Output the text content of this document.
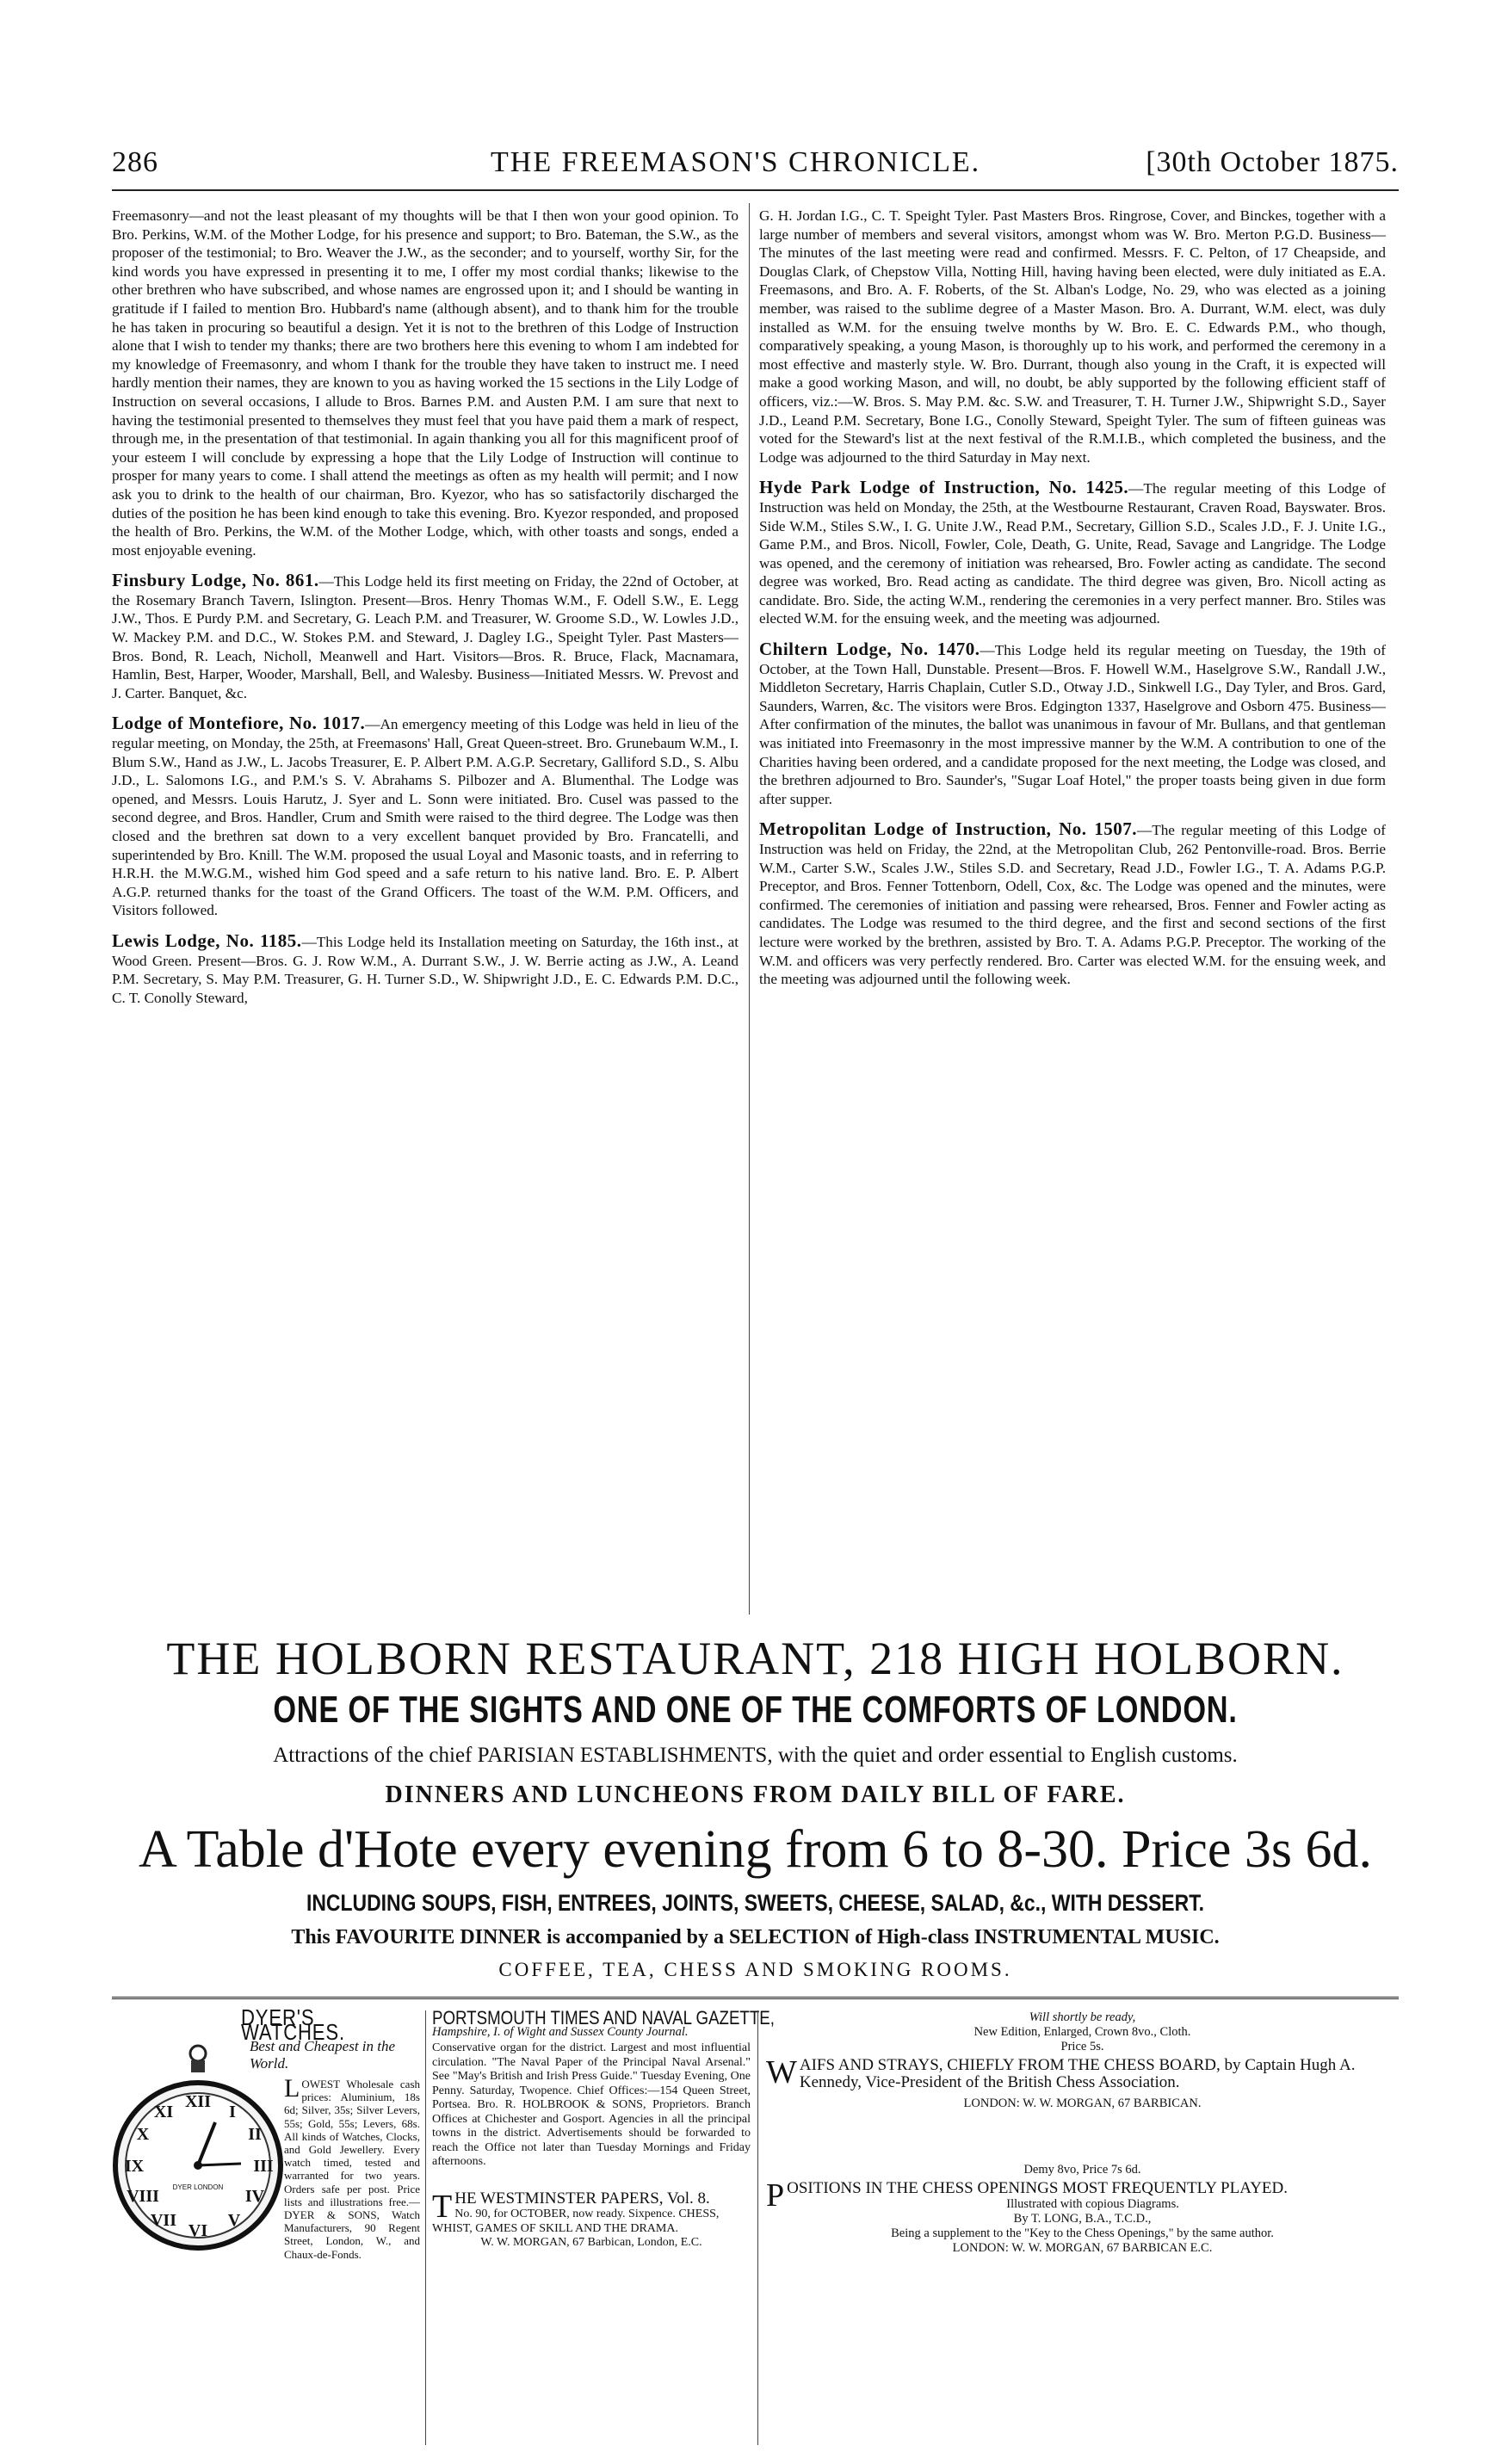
286	THE FREEMASON'S CHRONICLE.	[30th October 1875.

Freemasonry—and not the least pleasant of my thoughts will be that I then won your good opinion. To Bro. Perkins, W.M. of the Mother Lodge, for his presence and support; to Bro. Bateman, the S.W., as the proposer of the testimonial; to Bro. Weaver the J.W., as the seconder; and to yourself, worthy Sir, for the kind words you have expressed in presenting it to me, I offer my most cordial thanks; likewise to the other brethren who have subscribed, and whose names are engrossed upon it; and I should be wanting in gratitude if I failed to mention Bro. Hubbard's name (although absent), and to thank him for the trouble he has taken in procuring so beautiful a design. Yet it is not to the brethren of this Lodge of Instruction alone that I wish to tender my thanks; there are two brothers here this evening to whom I am indebted for my knowledge of Freemasonry, and whom I thank for the trouble they have taken to instruct me. I need hardly mention their names, they are known to you as having worked the 15 sections in the Lily Lodge of Instruction on several occasions, I allude to Bros. Barnes P.M. and Austen P.M. I am sure that next to having the testimonial presented to themselves they must feel that you have paid them a mark of respect, through me, in the presentation of that testimonial. In again thanking you all for this magnificent proof of your esteem I will conclude by expressing a hope that the Lily Lodge of Instruction will continue to prosper for many years to come. I shall attend the meetings as often as my health will permit; and I now ask you to drink to the health of our chairman, Bro. Kyezor, who has so satisfactorily discharged the duties of the position he has been kind enough to take this evening. Bro. Kyezor responded, and proposed the health of Bro. Perkins, the W.M. of the Mother Lodge, which, with other toasts and songs, ended a most enjoyable evening.

Finsbury Lodge, No. 861.—This Lodge held its first meeting on Friday, the 22nd of October, at the Rosemary Branch Tavern, Islington. Present—Bros. Henry Thomas W.M., F. Odell S.W., E. Legg J.W., Thos. E Purdy P.M. and Secretary, G. Leach P.M. and Treasurer, W. Groome S.D., W. Lowles J.D., W. Mackey P.M. and D.C., W. Stokes P.M. and Steward, J. Dagley I.G., Speight Tyler. Past Masters—Bros. Bond, R. Leach, Nicholl, Meanwell and Hart. Visitors—Bros. R. Bruce, Flack, Macnamara, Hamlin, Best, Harper, Wooder, Marshall, Bell, and Walesby. Business—Initiated Messrs. W. Prevost and J. Carter. Banquet, &c.

Lodge of Montefiore, No. 1017.—An emergency meeting of this Lodge was held in lieu of the regular meeting, on Monday, the 25th, at Freemasons' Hall, Great Queen-street. Bro. Grunebaum W.M., I. Blum S.W., Hand as J.W., L. Jacobs Treasurer, E. P. Albert P.M. A.G.P. Secretary, Galliford S.D., S. Albu J.D., L. Salomons I.G., and P.M.'s S. V. Abrahams S. Pilbozer and A. Blumenthal. The Lodge was opened, and Messrs. Louis Harutz, J. Syer and L. Sonn were initiated. Bro. Cusel was passed to the second degree, and Bros. Handler, Crum and Smith were raised to the third degree. The Lodge was then closed and the brethren sat down to a very excellent banquet provided by Bro. Francatelli, and superintended by Bro. Knill. The W.M. proposed the usual Loyal and Masonic toasts, and in referring to H.R.H. the M.W.G.M., wished him God speed and a safe return to his native land. Bro. E. P. Albert A.G.P. returned thanks for the toast of the Grand Officers. The toast of the W.M. P.M. Officers, and Visitors followed.

Lewis Lodge, No. 1185.—This Lodge held its Installation meeting on Saturday, the 16th inst., at Wood Green. Present—Bros. G. J. Row W.M., A. Durrant S.W., J. W. Berrie acting as J.W., A. Leand P.M. Secretary, S. May P.M. Treasurer, G. H. Turner S.D., W. Shipwright J.D., E. C. Edwards P.M. D.C., C. T. Conolly Steward,

G. H. Jordan I.G., C. T. Speight Tyler. Past Masters Bros. Ringrose, Cover, and Binckes, together with a large number of members and several visitors, amongst whom was W. Bro. Merton P.G.D. Business—The minutes of the last meeting were read and confirmed. Messrs. F. C. Pelton, of 17 Cheapside, and Douglas Clark, of Chepstow Villa, Notting Hill, having having been elected, were duly initiated as E.A. Freemasons, and Bro. A. F. Roberts, of the St. Alban's Lodge, No. 29, who was elected as a joining member, was raised to the sublime degree of a Master Mason. Bro. A. Durrant, W.M. elect, was duly installed as W.M. for the ensuing twelve months by W. Bro. E. C. Edwards P.M., who though, comparatively speaking, a young Mason, is thoroughly up to his work, and performed the ceremony in a most effective and masterly style. W. Bro. Durrant, though also young in the Craft, it is expected will make a good working Mason, and will, no doubt, be ably supported by the following efficient staff of officers, viz.:—W. Bros. S. May P.M. &c. S.W. and Treasurer, T. H. Turner J.W., Shipwright S.D., Sayer J.D., Leand P.M. Secretary, Bone I.G., Conolly Steward, Speight Tyler. The sum of fifteen guineas was voted for the Steward's list at the next festival of the R.M.I.B., which completed the business, and the Lodge was adjourned to the third Saturday in May next.

Hyde Park Lodge of Instruction, No. 1425.—The regular meeting of this Lodge of Instruction was held on Monday, the 25th, at the Westbourne Restaurant, Craven Road, Bayswater. Bros. Side W.M., Stiles S.W., I. G. Unite J.W., Read P.M., Secretary, Gillion S.D., Scales J.D., F. J. Unite I.G., Game P.M., and Bros. Nicoll, Fowler, Cole, Death, G. Unite, Read, Savage and Langridge. The Lodge was opened, and the ceremony of initiation was rehearsed, Bro. Fowler acting as candidate. The second degree was worked, Bro. Read acting as candidate. The third degree was given, Bro. Nicoll acting as candidate. Bro. Side, the acting W.M., rendering the ceremonies in a very perfect manner. Bro. Stiles was elected W.M. for the ensuing week, and the meeting was adjourned.

Chiltern Lodge, No. 1470.—This Lodge held its regular meeting on Tuesday, the 19th of October, at the Town Hall, Dunstable. Present—Bros. F. Howell W.M., Haselgrove S.W., Randall J.W., Middleton Secretary, Harris Chaplain, Cutler S.D., Otway J.D., Sinkwell I.G., Day Tyler, and Bros. Gard, Saunders, Warren, &c. The visitors were Bros. Edgington 1337, Haselgrove and Osborn 475. Business—After confirmation of the minutes, the ballot was unanimous in favour of Mr. Bullans, and that gentleman was initiated into Freemasonry in the most impressive manner by the W.M. A contribution to one of the Charities having been ordered, and a candidate proposed for the next meeting, the Lodge was closed, and the brethren adjourned to Bro. Saunder's, "Sugar Loaf Hotel," the proper toasts being given in due form after supper.

Metropolitan Lodge of Instruction, No. 1507.—The regular meeting of this Lodge of Instruction was held on Friday, the 22nd, at the Metropolitan Club, 262 Pentonville-road. Bros. Berrie W.M., Carter S.W., Scales J.W., Stiles S.D. and Secretary, Read J.D., Fowler I.G., T. A. Adams P.G.P. Preceptor, and Bros. Fenner Tottenborn, Odell, Cox, &c. The Lodge was opened and the minutes, were confirmed. The ceremonies of initiation and passing were rehearsed, Bros. Fenner and Fowler acting as candidates. The Lodge was resumed to the third degree, and the first and second sections of the first lecture were worked by the brethren, assisted by Bro. T. A. Adams P.G.P. Preceptor. The working of the W.M. and officers was very perfectly rendered. Bro. Carter was elected W.M. for the ensuing week, and the meeting was adjourned until the following week.

THE HOLBORN RESTAURANT, 218 HIGH HOLBORN.
ONE OF THE SIGHTS AND ONE OF THE COMFORTS OF LONDON.
Attractions of the chief PARISIAN ESTABLISHMENTS, with the quiet and order essential to English customs.
DINNERS AND LUNCHEONS FROM DAILY BILL OF FARE.
A Table d'Hote every evening from 6 to 8-30. Price 3s 6d.
INCLUDING SOUPS, FISH, ENTREES, JOINTS, SWEETS, CHEESE, SALAD, &c., WITH DESSERT.
This FAVOURITE DINNER is accompanied by a SELECTION of High-class INSTRUMENTAL MUSIC.
COFFEE, TEA, CHESS AND SMOKING ROOMS.
XII
I
II
III
IV
V
VI
VII
VIII
IX
X
XI
DYER LONDON
DYER'S WATCHES.
Best and Cheapest in the World.
LOWEST Wholesale cash prices: Aluminium, 18s 6d; Silver, 35s; Silver Levers, 55s; Gold, 55s; Levers, 68s. All kinds of Watches, Clocks, and Gold Jewellery. Every watch timed, tested and warranted for two years. Orders safe per post. Price lists and illustrations free.—DYER & SONS, Watch Manufacturers, 90 Regent Street, London, W., and Chaux-de-Fonds.
PORTSMOUTH TIMES AND NAVAL GAZETTE,
Hampshire, I. of Wight and Sussex County Journal.
Conservative organ for the district. Largest and most influential circulation. "The Naval Paper of the Principal Naval Arsenal." See "May's British and Irish Press Guide." Tuesday Evening, One Penny. Saturday, Twopence. Chief Offices:—154 Queen Street, Portsea. Bro. R. HOLBROOK & SONS, Proprietors. Branch Offices at Chichester and Gosport. Agencies in all the principal towns in the district. Advertisements should be forwarded to reach the Office not later than Tuesday Mornings and Friday afternoons.
T HE WESTMINSTER PAPERS, Vol. 8.
No. 90, for OCTOBER, now ready. Sixpence. CHESS, WHIST, GAMES OF SKILL AND THE DRAMA.
W. W. MORGAN, 67 Barbican, London, E.C.
Will shortly be ready,
New Edition, Enlarged, Crown 8vo., Cloth.
Price 5s.
W AIFS AND STRAYS, CHIEFLY FROM THE CHESS BOARD, by Captain Hugh A. Kennedy, Vice-President of the British Chess Association.
LONDON: W. W. MORGAN, 67 BARBICAN.
Demy 8vo, Price 7s 6d.
P OSITIONS IN THE CHESS OPENINGS MOST FREQUENTLY PLAYED.
Illustrated with copious Diagrams.
By T. LONG, B.A., T.C.D.,
Being a supplement to the "Key to the Chess Openings," by the same author.
LONDON: W. W. MORGAN, 67 BARBICAN E.C.
